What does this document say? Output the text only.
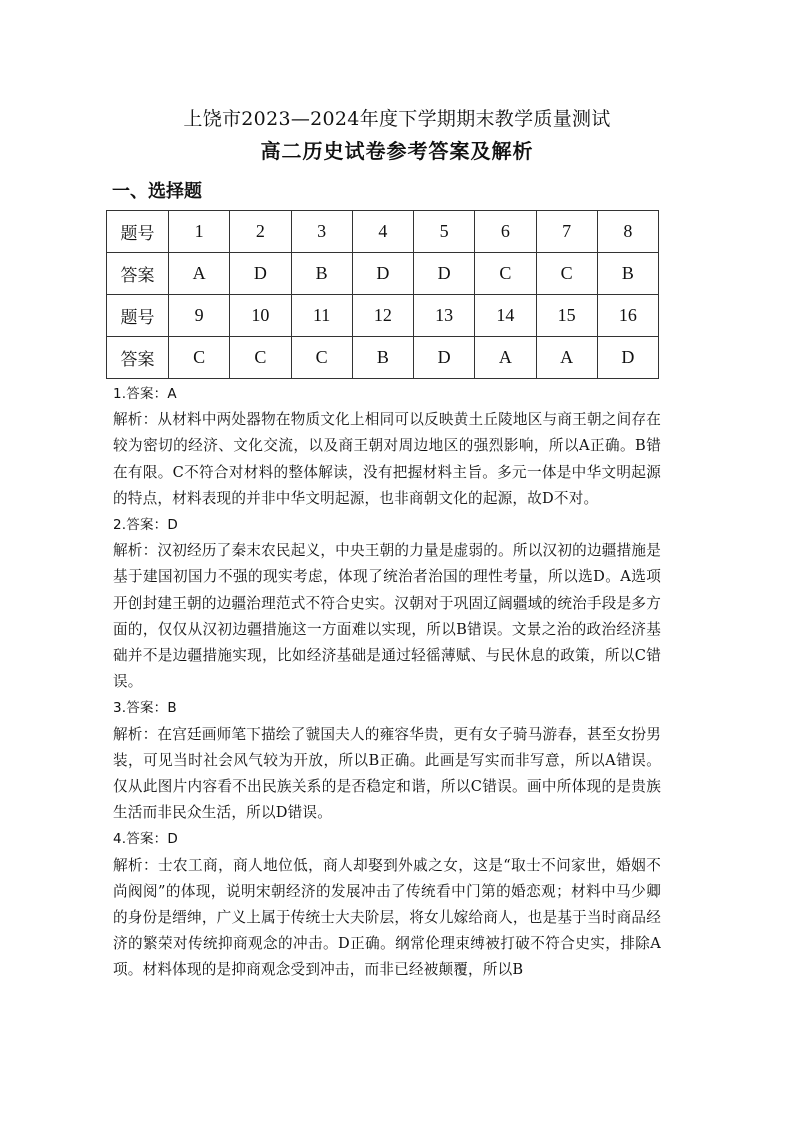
上饶市2023—2024年度下学期期末教学质量测试
高二历史试卷参考答案及解析
一、选择题
题号	1	2	3	4	5	6	7	8
答案	A	D	B	D	D	C	C	B
题号	9	10	11	12	13	14	15	16
答案	C	C	C	B	D	A	A	D

1.答案：A

解析：从材料中两处器物在物质文化上相同可以反映黄土丘陵地区与商王朝之间存在较为密切的经济、文化交流，以及商王朝对周边地区的强烈影响，所以A正确。B错在有限。C不符合对材料的整体解读，没有把握材料主旨。多元一体是中华文明起源的特点，材料表现的并非中华文明起源，也非商朝文化的起源，故D不对。

2.答案：D

解析：汉初经历了秦末农民起义，中央王朝的力量是虚弱的。所以汉初的边疆措施是基于建国初国力不强的现实考虑，体现了统治者治国的理性考量，所以选D。A选项开创封建王朝的边疆治理范式不符合史实。汉朝对于巩固辽阔疆域的统治手段是多方面的，仅仅从汉初边疆措施这一方面难以实现，所以B错误。文景之治的政治经济基础并不是边疆措施实现，比如经济基础是通过轻徭薄赋、与民休息的政策，所以C错误。

3.答案：B

解析：在宫廷画师笔下描绘了虢国夫人的雍容华贵，更有女子骑马游春，甚至女扮男装，可见当时社会风气较为开放，所以B正确。此画是写实而非写意，所以A错误。仅从此图片内容看不出民族关系的是否稳定和谐，所以C错误。画中所体现的是贵族生活而非民众生活，所以D错误。

4.答案：D

解析：士农工商，商人地位低，商人却娶到外戚之女，这是“取士不问家世，婚姻不尚阀阅”的体现，说明宋朝经济的发展冲击了传统看中门第的婚恋观；材料中马少卿的身份是缙绅，广义上属于传统士大夫阶层，将女儿嫁给商人，也是基于当时商品经济的繁荣对传统抑商观念的冲击。D正确。纲常伦理束缚被打破不符合史实，排除A项。材料体现的是抑商观念受到冲击，而非已经被颠覆，所以B
